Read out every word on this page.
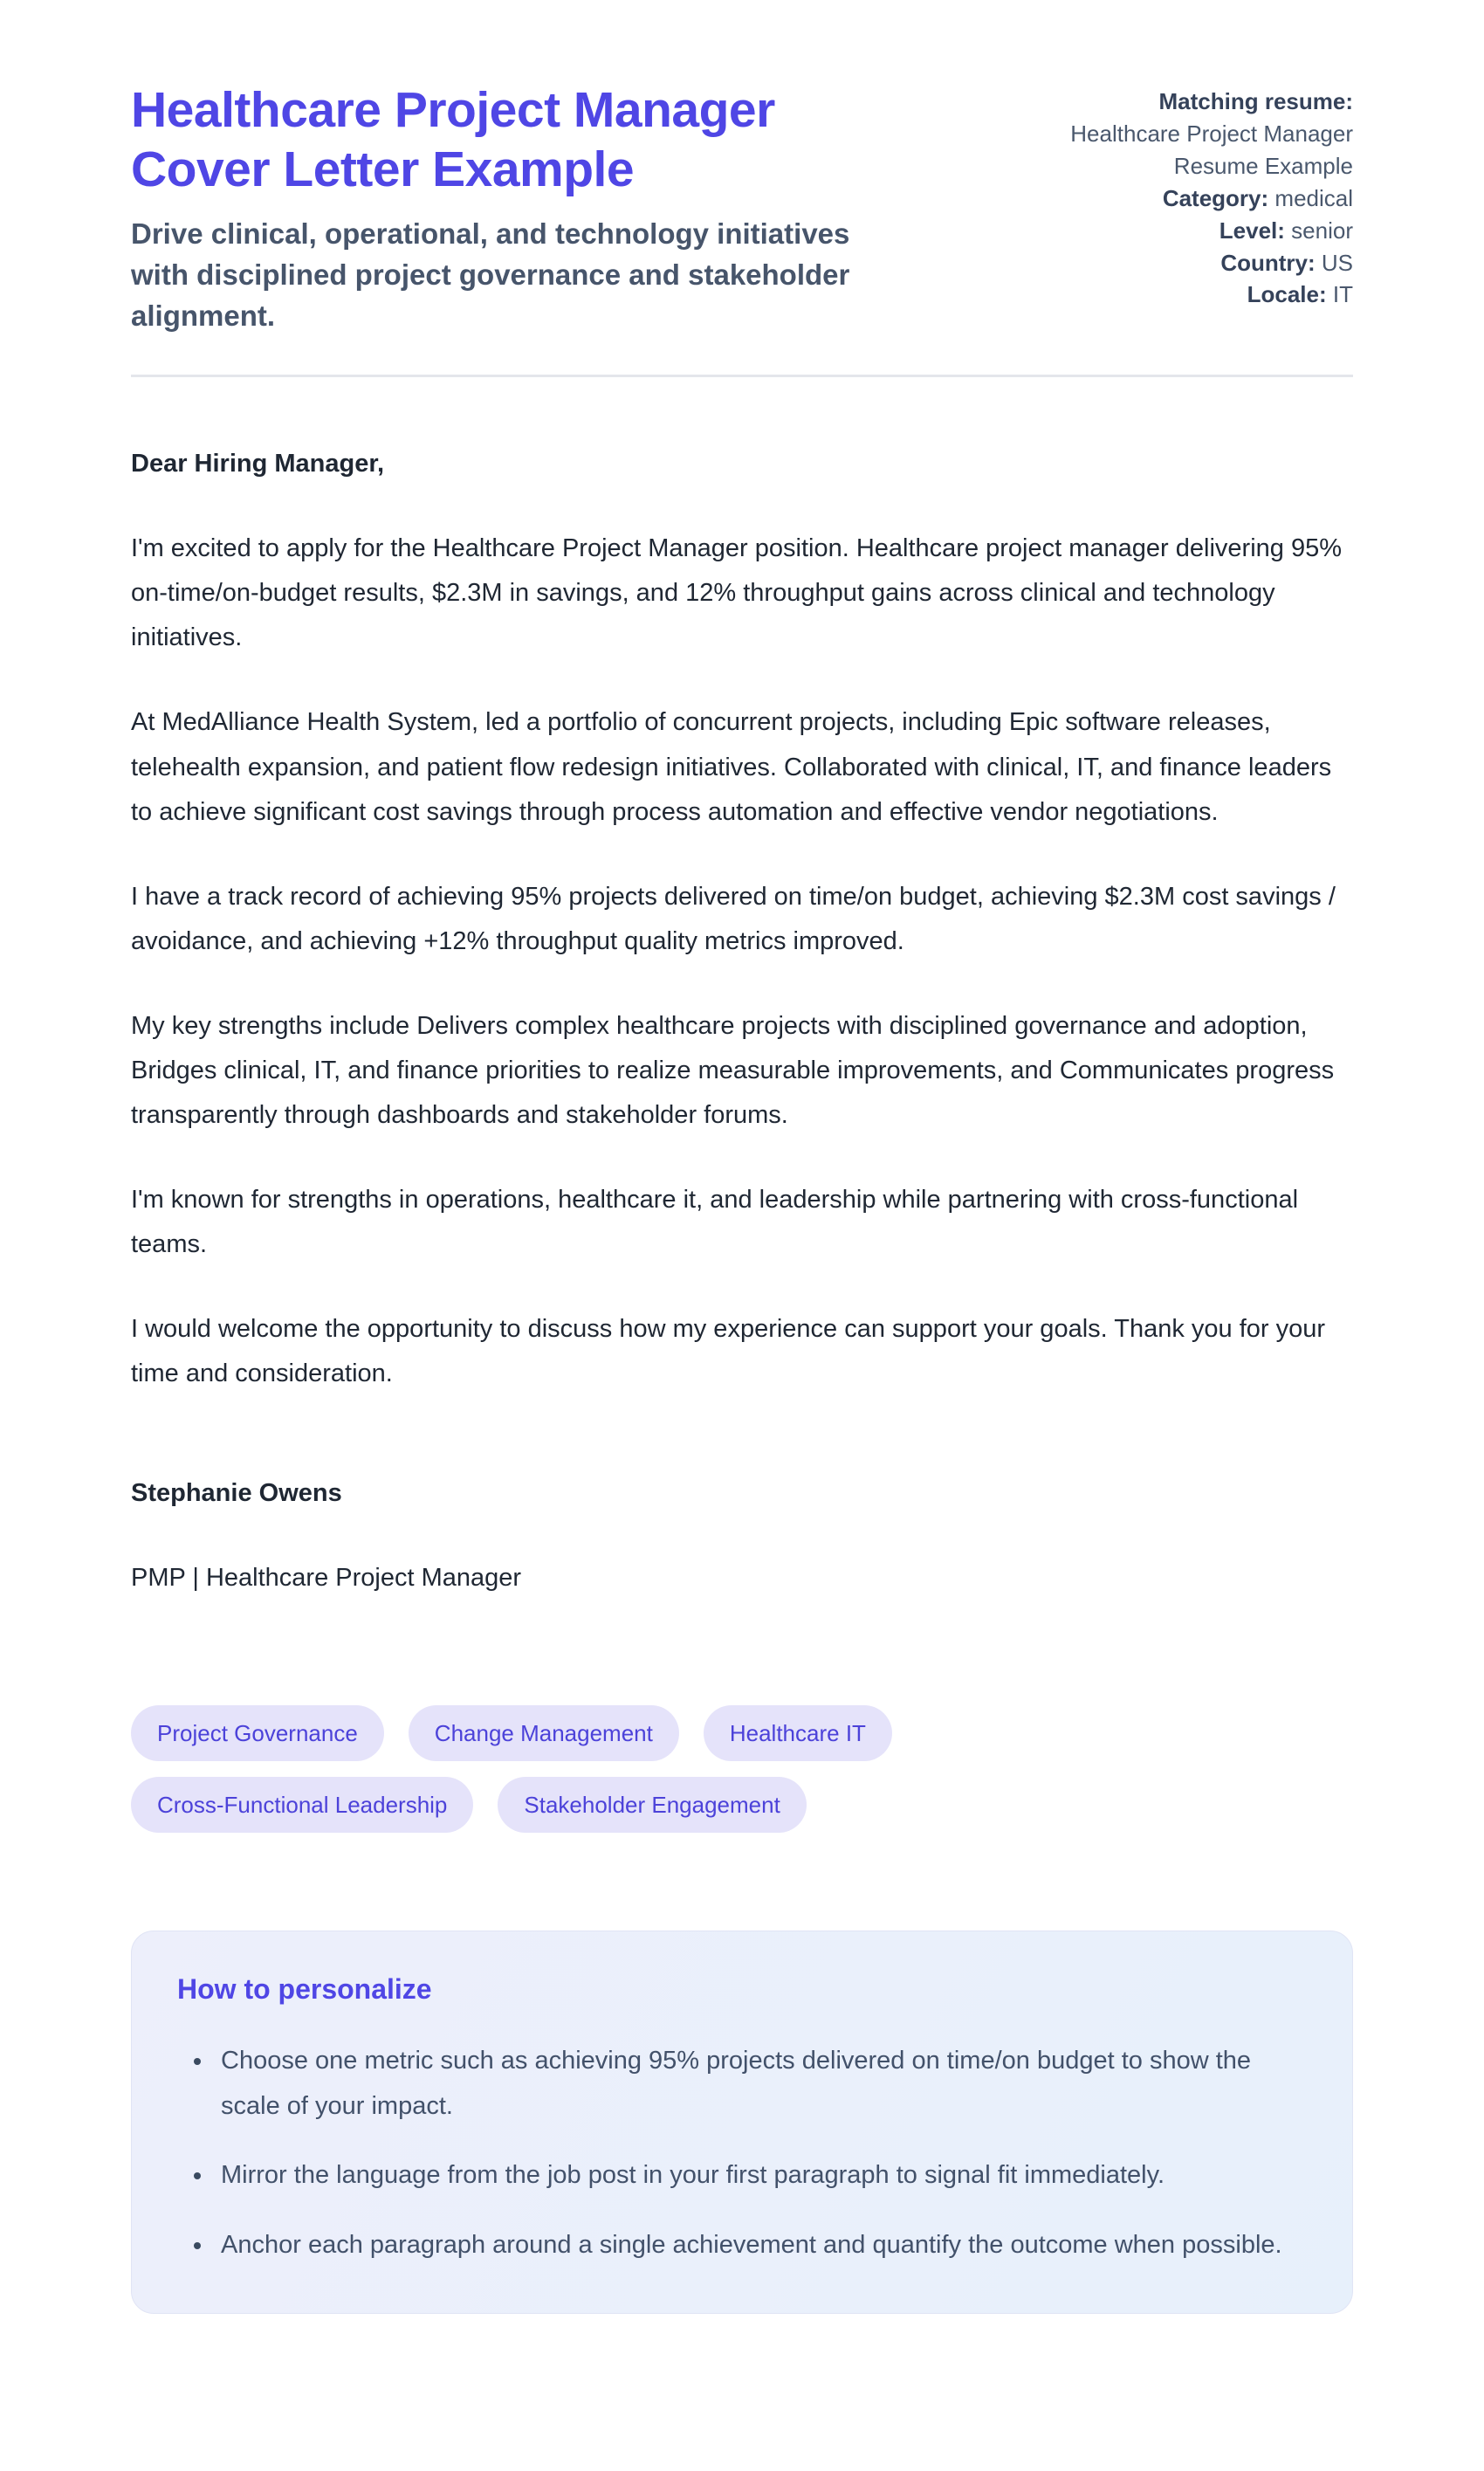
Healthcare Project Manager Cover Letter Example

Drive clinical, operational, and technology initiatives with disciplined project governance and stakeholder alignment.

Matching resume:
Healthcare Project Manager Resume Example
Category: medical
Level: senior
Country: US
Locale: IT

Dear Hiring Manager,

I'm excited to apply for the Healthcare Project Manager position. Healthcare project manager delivering 95% on-time/on-budget results, $2.3M in savings, and 12% throughput gains across clinical and technology initiatives.

At MedAlliance Health System, led a portfolio of concurrent projects, including Epic software releases, telehealth expansion, and patient flow redesign initiatives. Collaborated with clinical, IT, and finance leaders to achieve significant cost savings through process automation and effective vendor negotiations.

I have a track record of achieving 95% projects delivered on time/on budget, achieving $2.3M cost savings / avoidance, and achieving +12% throughput quality metrics improved.

My key strengths include Delivers complex healthcare projects with disciplined governance and adoption, Bridges clinical, IT, and finance priorities to realize measurable improvements, and Communicates progress transparently through dashboards and stakeholder forums.

I'm known for strengths in operations, healthcare it, and leadership while partnering with cross-functional teams.

I would welcome the opportunity to discuss how my experience can support your goals. Thank you for your time and consideration.

Stephanie Owens

PMP | Healthcare Project Manager

Project Governance	Change Management	Healthcare IT
Cross-Functional Leadership	Stakeholder Engagement
How to personalize
• Choose one metric such as achieving 95% projects delivered on time/on budget to show the scale of your impact.
• Mirror the language from the job post in your first paragraph to signal fit immediately.
• Anchor each paragraph around a single achievement and quantify the outcome when possible.
